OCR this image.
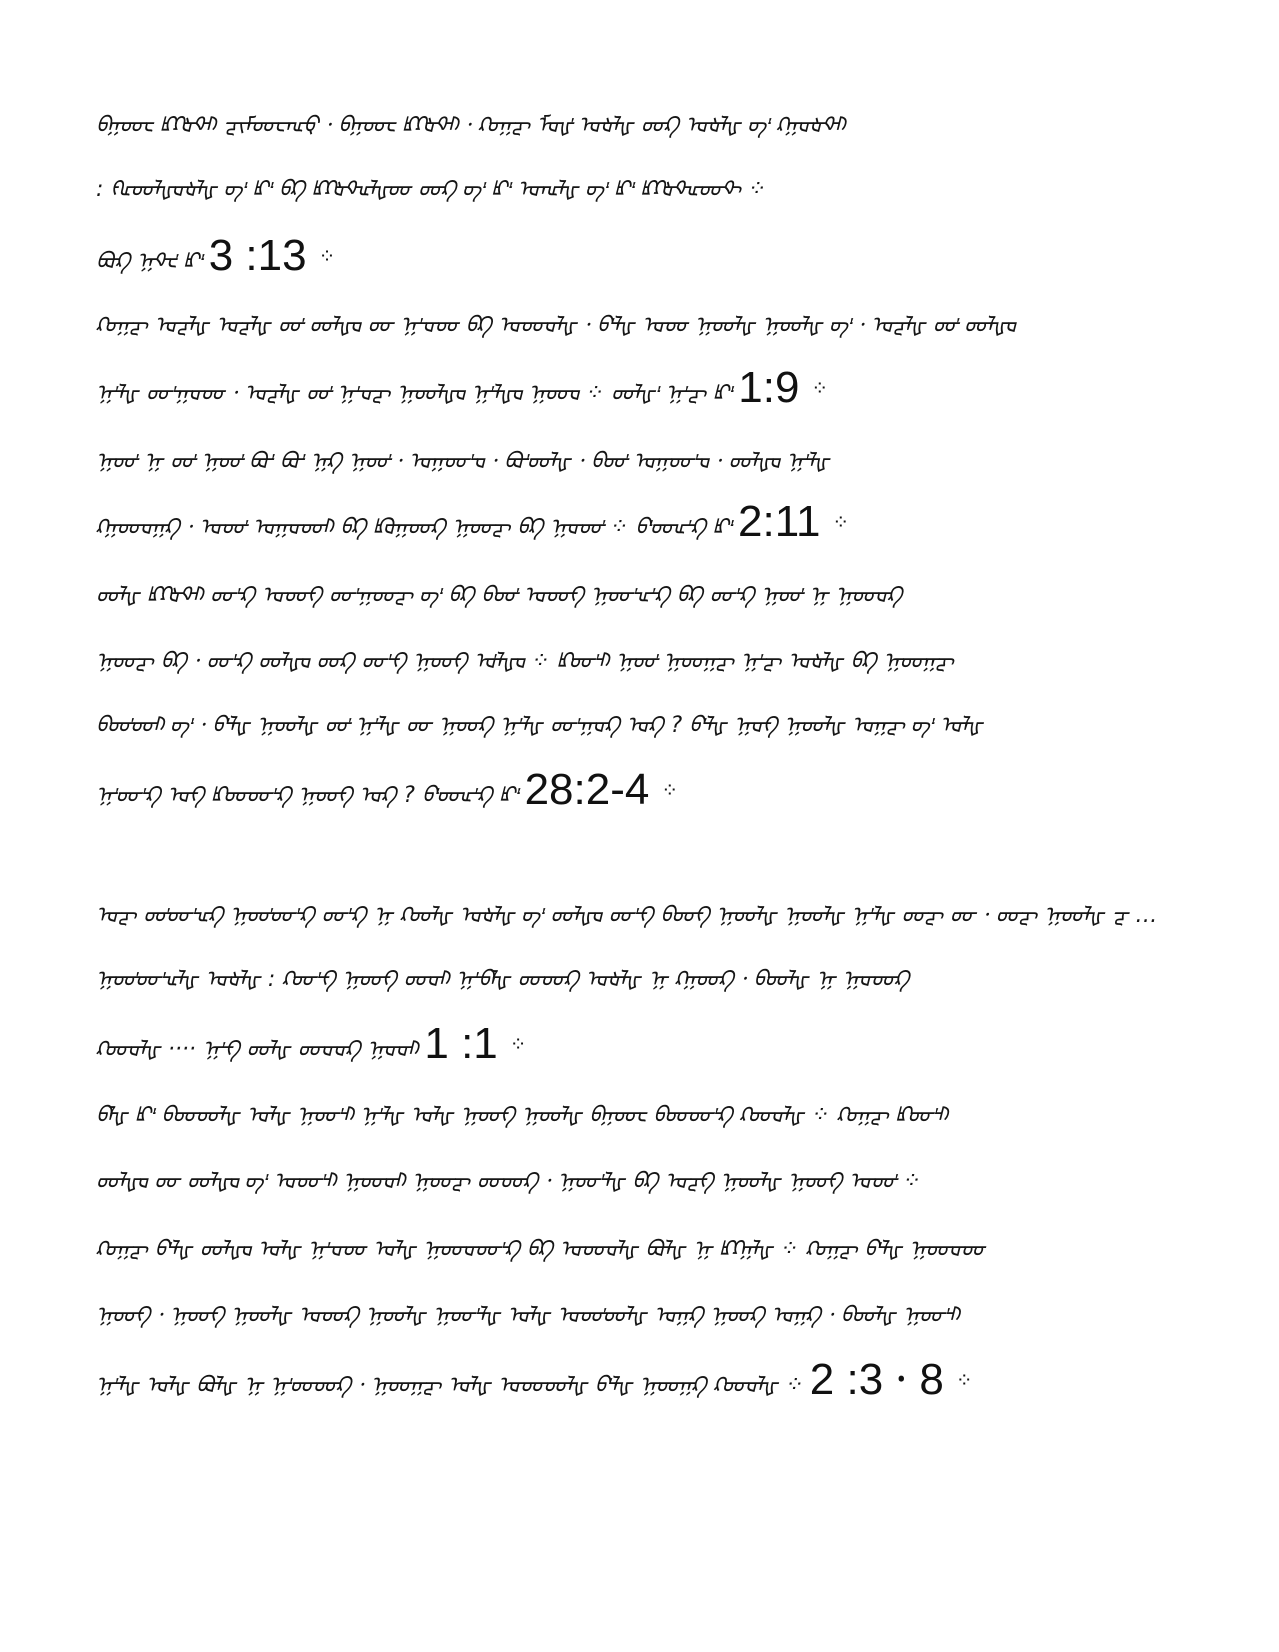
ᡋᡍᡂᡄ ᡌᡗᡈᡐᡅ ᡓᡞᡏᡂᡄᡅᡇ ⸱ ᡋᡍᡂᡄ ᡌᡗᡈᡐᡅ ⸱ ᡘᡉᡍᡓ ᡏᡆᡁᡃ ᡆᡈᡀ ᡂᡘ ᡆᡈᡀ ᡋᡃ ᡘᡍᡆᡈᡐᡅ
: ᡍᡅᡂᡀᡆᡈᡀ ᡋᡃ ᡌᡃ ᡋᡘ ᡌᡗᡈᡐᡅᡀᡂ ᡂᡘ ᡋᡃ ᡌᡃ ᡆᡅᡀ ᡋᡃ ᡌᡃ ᡌᡗᡈᡐᡅᡂᡐ ⁘
ᡋᡆᡘ ᡍᡐᡄᡃ ᡌᡃ 3 :13 ⁘
ᡘᡉᡍᡓ ᡆᡓᡀ ᡆᡓᡀ ᡂᡃ ᡂᡀᡆ ᡂ ᡍᡃᡆᡂ ᡋᡘ ᡆᡂᡆᡀ ⸱ ᡋᡃᡀ ᡆᡂ ᡍᡂᡀ ᡍᡂᡀ ᡋᡃ ⸱ ᡆᡓᡀ ᡂᡃ ᡂᡀᡆ
ᡍᡃᡀ ᡂᡃᡍᡆᡂ ⸱ ᡆᡓᡀ ᡂᡃ ᡍᡃᡆᡓ ᡍᡂᡀᡆ ᡍᡃᡀᡆ ᡍᡂᡆ ⁘ ᡂᡀᡃ ᡍᡃᡓ ᡌᡃ 1:9 ⁘
ᡍᡂᡃ ᡍ ᡂᡃ ᡍᡂᡃ ᡋᡆᡃ ᡋᡆᡃ ᡍᡘ ᡍᡂᡃ ⸱ ᡆᡍᡂᡃᡆ ⸱ ᡋᡃᡆᡂᡀ ⸱ ᡋᡂᡃ ᡆᡍᡂᡃᡆ ⸱ ᡂᡀᡆ ᡍᡃᡀ
ᡘᡍᡂᡆᡍᡘ ⸱ ᡆᡂᡃ ᡆᡍᡆᡂᡅ ᡋᡘ ᡌᡆᡍᡂᡘ ᡍᡂᡓ ᡋᡘ ᡍᡆᡂᡃ ⁘ ᡋᡃᡂᡅᡃᡘ ᡌᡃ 2:11 ⁘
ᡂᡀ ᡌᡗᡈᡐᡅ ᡂᡃᡘ ᡆᡂᡍ ᡂᡃᡍᡂᡓ ᡋᡃ ᡋᡘ ᡋᡂᡃ ᡆᡂᡍ ᡍᡂᡃᡅᡃᡘ ᡋᡘ ᡂᡃᡘ ᡍᡂᡃ ᡍ ᡍᡂᡆᡘ
ᡍᡂᡓ ᡋᡘ ⸱ ᡂᡃᡘ ᡂᡀᡆ ᡂᡘ ᡂᡃᡍ ᡍᡂᡍ ᡆᡃᡀᡆ ⁘ ᡌᡂᡃᡅ ᡍᡂᡃ ᡍᡂᡍᡓ ᡍᡃᡓ ᡆᡈᡀ ᡋᡘ ᡍᡂᡍᡓ
ᡋᡂᡃᡂᡅ ᡋᡃ ⸱ ᡋᡃᡀ ᡍᡂᡀ ᡂᡃ ᡍᡃᡀ ᡂ ᡍᡂᡘ ᡍᡃᡀ ᡂᡃᡍᡆᡘ ᡆᡘ ? ᡋᡃᡀ ᡍᡆᡍ ᡍᡂᡀ ᡆᡍᡓ ᡋᡃ ᡆᡀ
ᡍᡃᡂᡃᡘ ᡆᡍ ᡌᡂᡂᡃᡘ ᡍᡂᡍ ᡆᡘ ? ᡋᡃᡂᡅᡃᡘ ᡌᡃ 28:2-4 ⁘
ᡆᡓ ᡂᡃᡂᡃᡅᡘ ᡍᡂᡃᡂᡃᡘ ᡂᡃᡘ ᡍ ᡘᡂᡀ ᡆᡈᡀ ᡋᡃ ᡂᡀᡆ ᡂᡃᡍ ᡋᡂᡍ ᡍᡂᡀ ᡍᡂᡀ ᡍᡃᡀ ᡂᡓ ᡂ ⸱ ᡂᡓ ᡍᡂᡀ ᡓ …
ᡍᡂᡃᡂᡃᡅᡀ ᡆᡈᡀ : ᡘᡂᡃᡍ ᡍᡂᡍ ᡂᡆᡅ ᡍᡃᡋᡀ ᡂᡂᡘ ᡆᡈᡀ ᡍ ᡘᡍᡂᡘ ⸱ ᡋᡂᡀ ᡍ ᡍᡆᡂᡘ
ᡘᡂᡆᡀ ···· ᡍᡃᡍ ᡂᡀ ᡂᡆᡆᡘ ᡍᡆᡆᡅ 1 :1 ⁘
ᡋᡀ ᡌᡃ ᡋᡂᡂᡀ ᡆᡀ ᡍᡂᡃᡅ ᡍᡃᡀ ᡆᡀ ᡍᡂᡍ ᡍᡂᡀ ᡋᡍᡂᡄ ᡋᡂᡂᡃᡘ ᡘᡂᡆᡀ ⁘ ᡘᡉᡍᡓ ᡌᡂᡃᡅ
ᡂᡀᡆ ᡂ ᡂᡀᡆ ᡋᡃ ᡆᡂᡃᡅ ᡍᡂᡆᡅ ᡍᡂᡓ ᡂᡂᡘ ⸱ ᡍᡂᡃᡀ ᡋᡘ ᡆᡓᡍ ᡍᡂᡀ ᡍᡂᡍ ᡆᡂᡃ ⁘
ᡘᡉᡍᡓ ᡋᡃᡀ ᡂᡀᡆ ᡆᡀ ᡍᡃᡆᡂ ᡆᡀ ᡍᡂᡆᡂᡃᡘ ᡋᡘ ᡆᡂᡆᡀ ᡋᡆᡀ ᡍ ᡌᡗᡍᡀ ⁘ ᡘᡉᡍᡓ ᡋᡃᡀ ᡍᡂᡆᡂ
ᡍᡂᡍ ⸱ ᡍᡂᡍ ᡍᡂᡀ ᡆᡂᡘ ᡍᡂᡀ ᡍᡂᡃᡀ ᡆᡀ ᡆᡂᡃᡂᡀ ᡆᡍᡘ ᡍᡂᡘ ᡆᡍᡘ ⸱ ᡋᡂᡀ ᡍᡂᡃᡅ
ᡍᡃᡀ ᡆᡀ ᡋᡆᡀ ᡍ ᡍᡃᡂᡂᡘ ⸱ ᡍᡂᡍᡓ ᡆᡀ ᡆᡂᡂᡀ ᡋᡃᡀ ᡍᡂᡍᡘ ᡘᡂᡆᡀ ⁘ 2 :3 ⸱ 8 ⁘
